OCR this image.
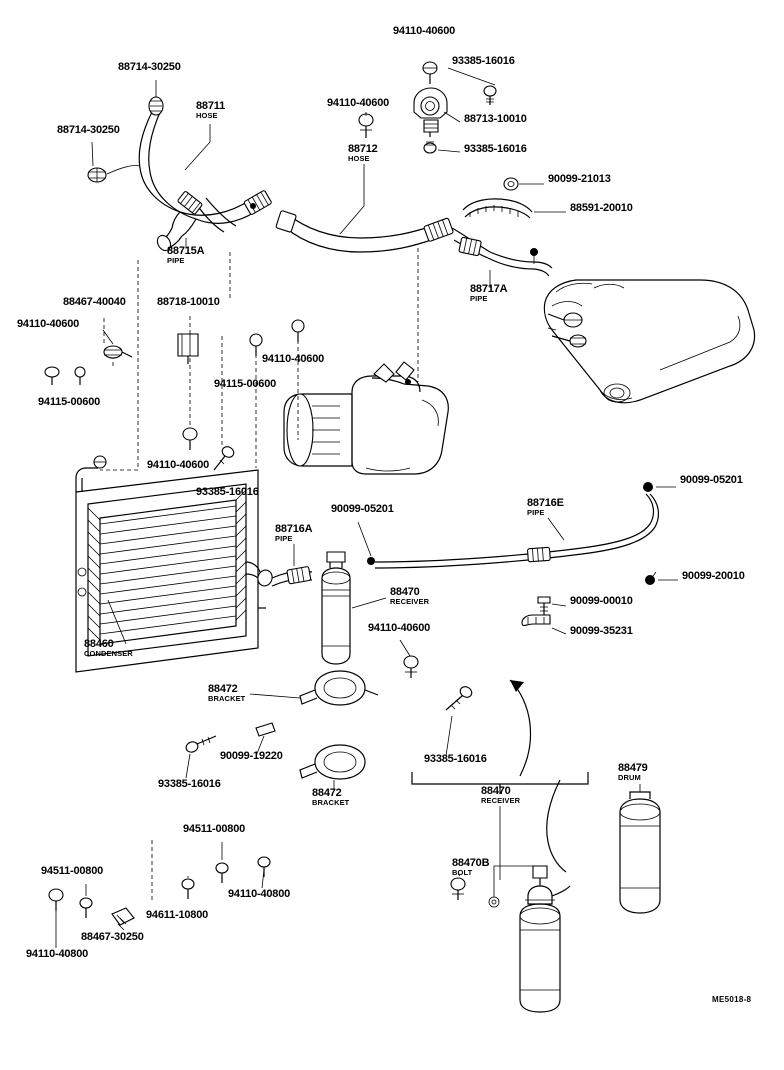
88714-30250
88714-30250
88711
HOSE
88715A
PIPE
94110-40600
94110-40600
93385-16016
88713-10010
93385-16016
88712
HOSE
90099-21013
88591-20010
88717A
PIPE
88467-40040	88718-10010
94110-40600
94115-00600
94110-40600
94115-00600
94110-40600
93385-16016
88460
CONDENSER
88716A
PIPE
90099-05201	88716E
PIPE
90099-05201
90099-20010
90099-00010
90099-35231
88470
RECEIVER
94110-40600
88472
BRACKET
90099-19220
93385-16016
88472
BRACKET
93385-16016
88470
RECEIVER
88470B
BOLT
88479
DRUM
94511-00800
94110-40800
94511-00800
94611-10800
88467-30250
94110-40800
ME5018-8
